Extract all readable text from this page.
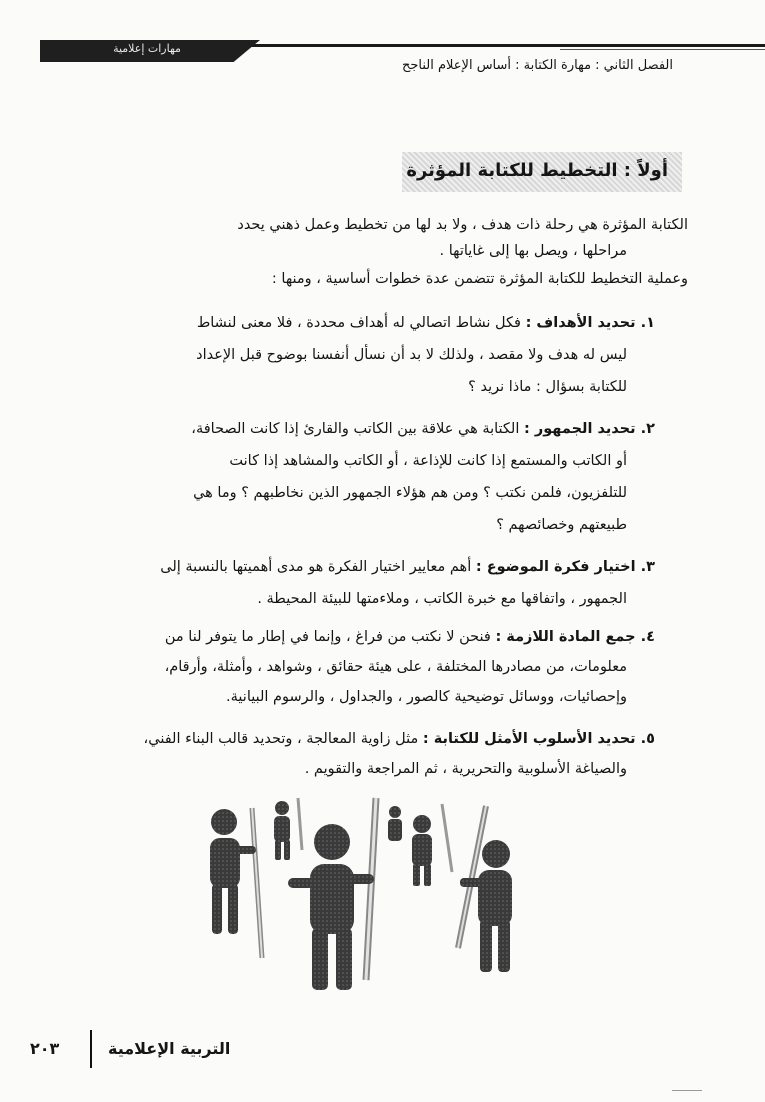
مهارات إعلامية
الفصل الثاني : مهارة الكتابة : أساس الإعلام الناجح
أولاً : التخطيط للكتابة المؤثرة
الكتابة المؤثرة هي رحلة ذات هدف ، ولا بد لها من تخطيط وعمل ذهني يحدد
مراحلها ، ويصل بها إلى غاياتها .
وعملية التخطيط للكتابة المؤثرة تتضمن عدة خطوات أساسية ، ومنها :
١. تحديد الأهداف : فكل نشاط اتصالي له أهداف محددة ، فلا معنى لنشاط
ليس له هدف ولا مقصد ، ولذلك لا بد أن نسأل أنفسنا بوضوح قبل الإعداد
للكتابة بسؤال : ماذا نريد ؟
٢. تحديد الجمهور : الكتابة هي علاقة بين الكاتب والقارئ إذا كانت الصحافة،
أو الكاتب والمستمع إذا كانت للإذاعة ، أو الكاتب والمشاهد إذا كانت
للتلفزيون، فلمن نكتب ؟ ومن هم هؤلاء الجمهور الذين نخاطبهم ؟ وما هي
طبيعتهم وخصائصهم ؟
٣. اختيار فكرة الموضوع : أهم معايير اختيار الفكرة هو مدى أهميتها بالنسبة إلى
الجمهور ، واتفاقها مع خبرة الكاتب ، وملاءمتها للبيئة المحيطة .
٤. جمع المادة اللازمة : فنحن لا نكتب من فراغ ، وإنما في إطار ما يتوفر لنا من
معلومات، من مصادرها المختلفة ، على هيئة حقائق ، وشواهد ، وأمثلة، وأرقام،
وإحصائيات، ووسائل توضيحية كالصور ، والجداول ، والرسوم البيانية.
٥. تحديد الأسلوب الأمثل للكتابة : مثل زاوية المعالجة ، وتحديد قالب البناء الفني،
والصياغة الأسلوبية والتحريرية ، ثم المراجعة والتقويم .
٢٠٣	التربية الإعلامية
